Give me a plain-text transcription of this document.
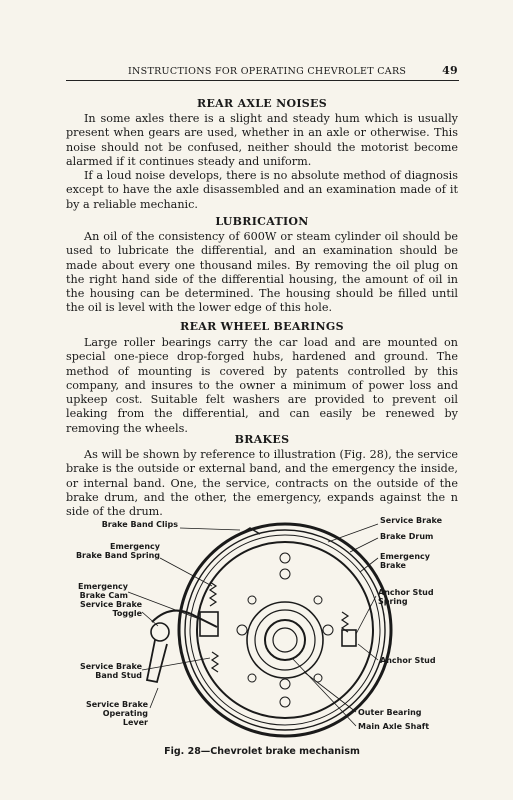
INSTRUCTIONS FOR OPERATING CHEVROLET CARS	49
REAR AXLE NOISES

In some axles there is a slight and steady hum which is usually present when gears are used, whether in an axle or otherwise. This noise should not be confused, neither should the motorist become alarmed if it continues steady and uniform.

If a loud noise develops, there is no absolute method of diagnosis except to have the axle disassembled and an examination made of it by a reliable mechanic.

LUBRICATION

An oil of the consistency of 600W or steam cylinder oil should be used to lubricate the differential, and an examination should be made about every one thousand miles. By removing the oil plug on the right hand side of the differential housing, the amount of oil in the housing can be determined. The housing should be filled until the oil is level with the lower edge of this hole.

REAR WHEEL BEARINGS

Large roller bearings carry the car load and are mounted on special one-piece drop-forged hubs, hardened and ground. The method of mounting is covered by patents controlled by this company, and insures to the owner a minimum of power loss and upkeep cost. Suitable felt washers are provided to prevent oil leaking from the differential, and can easily be renewed by removing the wheels.

BRAKES

As will be shown by reference to illustration (Fig. 28), the service brake is the outside or external band, and the emergency the inside, or internal band. One, the service, contracts on the outside of the brake drum, and the other, the emergency, expands against the n side of the drum.

Brake Band Clips
Emergency
Brake Band Spring
Emergency
Brake Cam
Service Brake
Toggle
Service Brake
Band Stud
Service Brake
Operating
Lever
Service Brake
Brake Drum
Emergency
Brake
Anchor Stud
Spring
Anchor Stud
Outer Bearing
Main Axle Shaft
Fig. 28—Chevrolet brake mechanism
